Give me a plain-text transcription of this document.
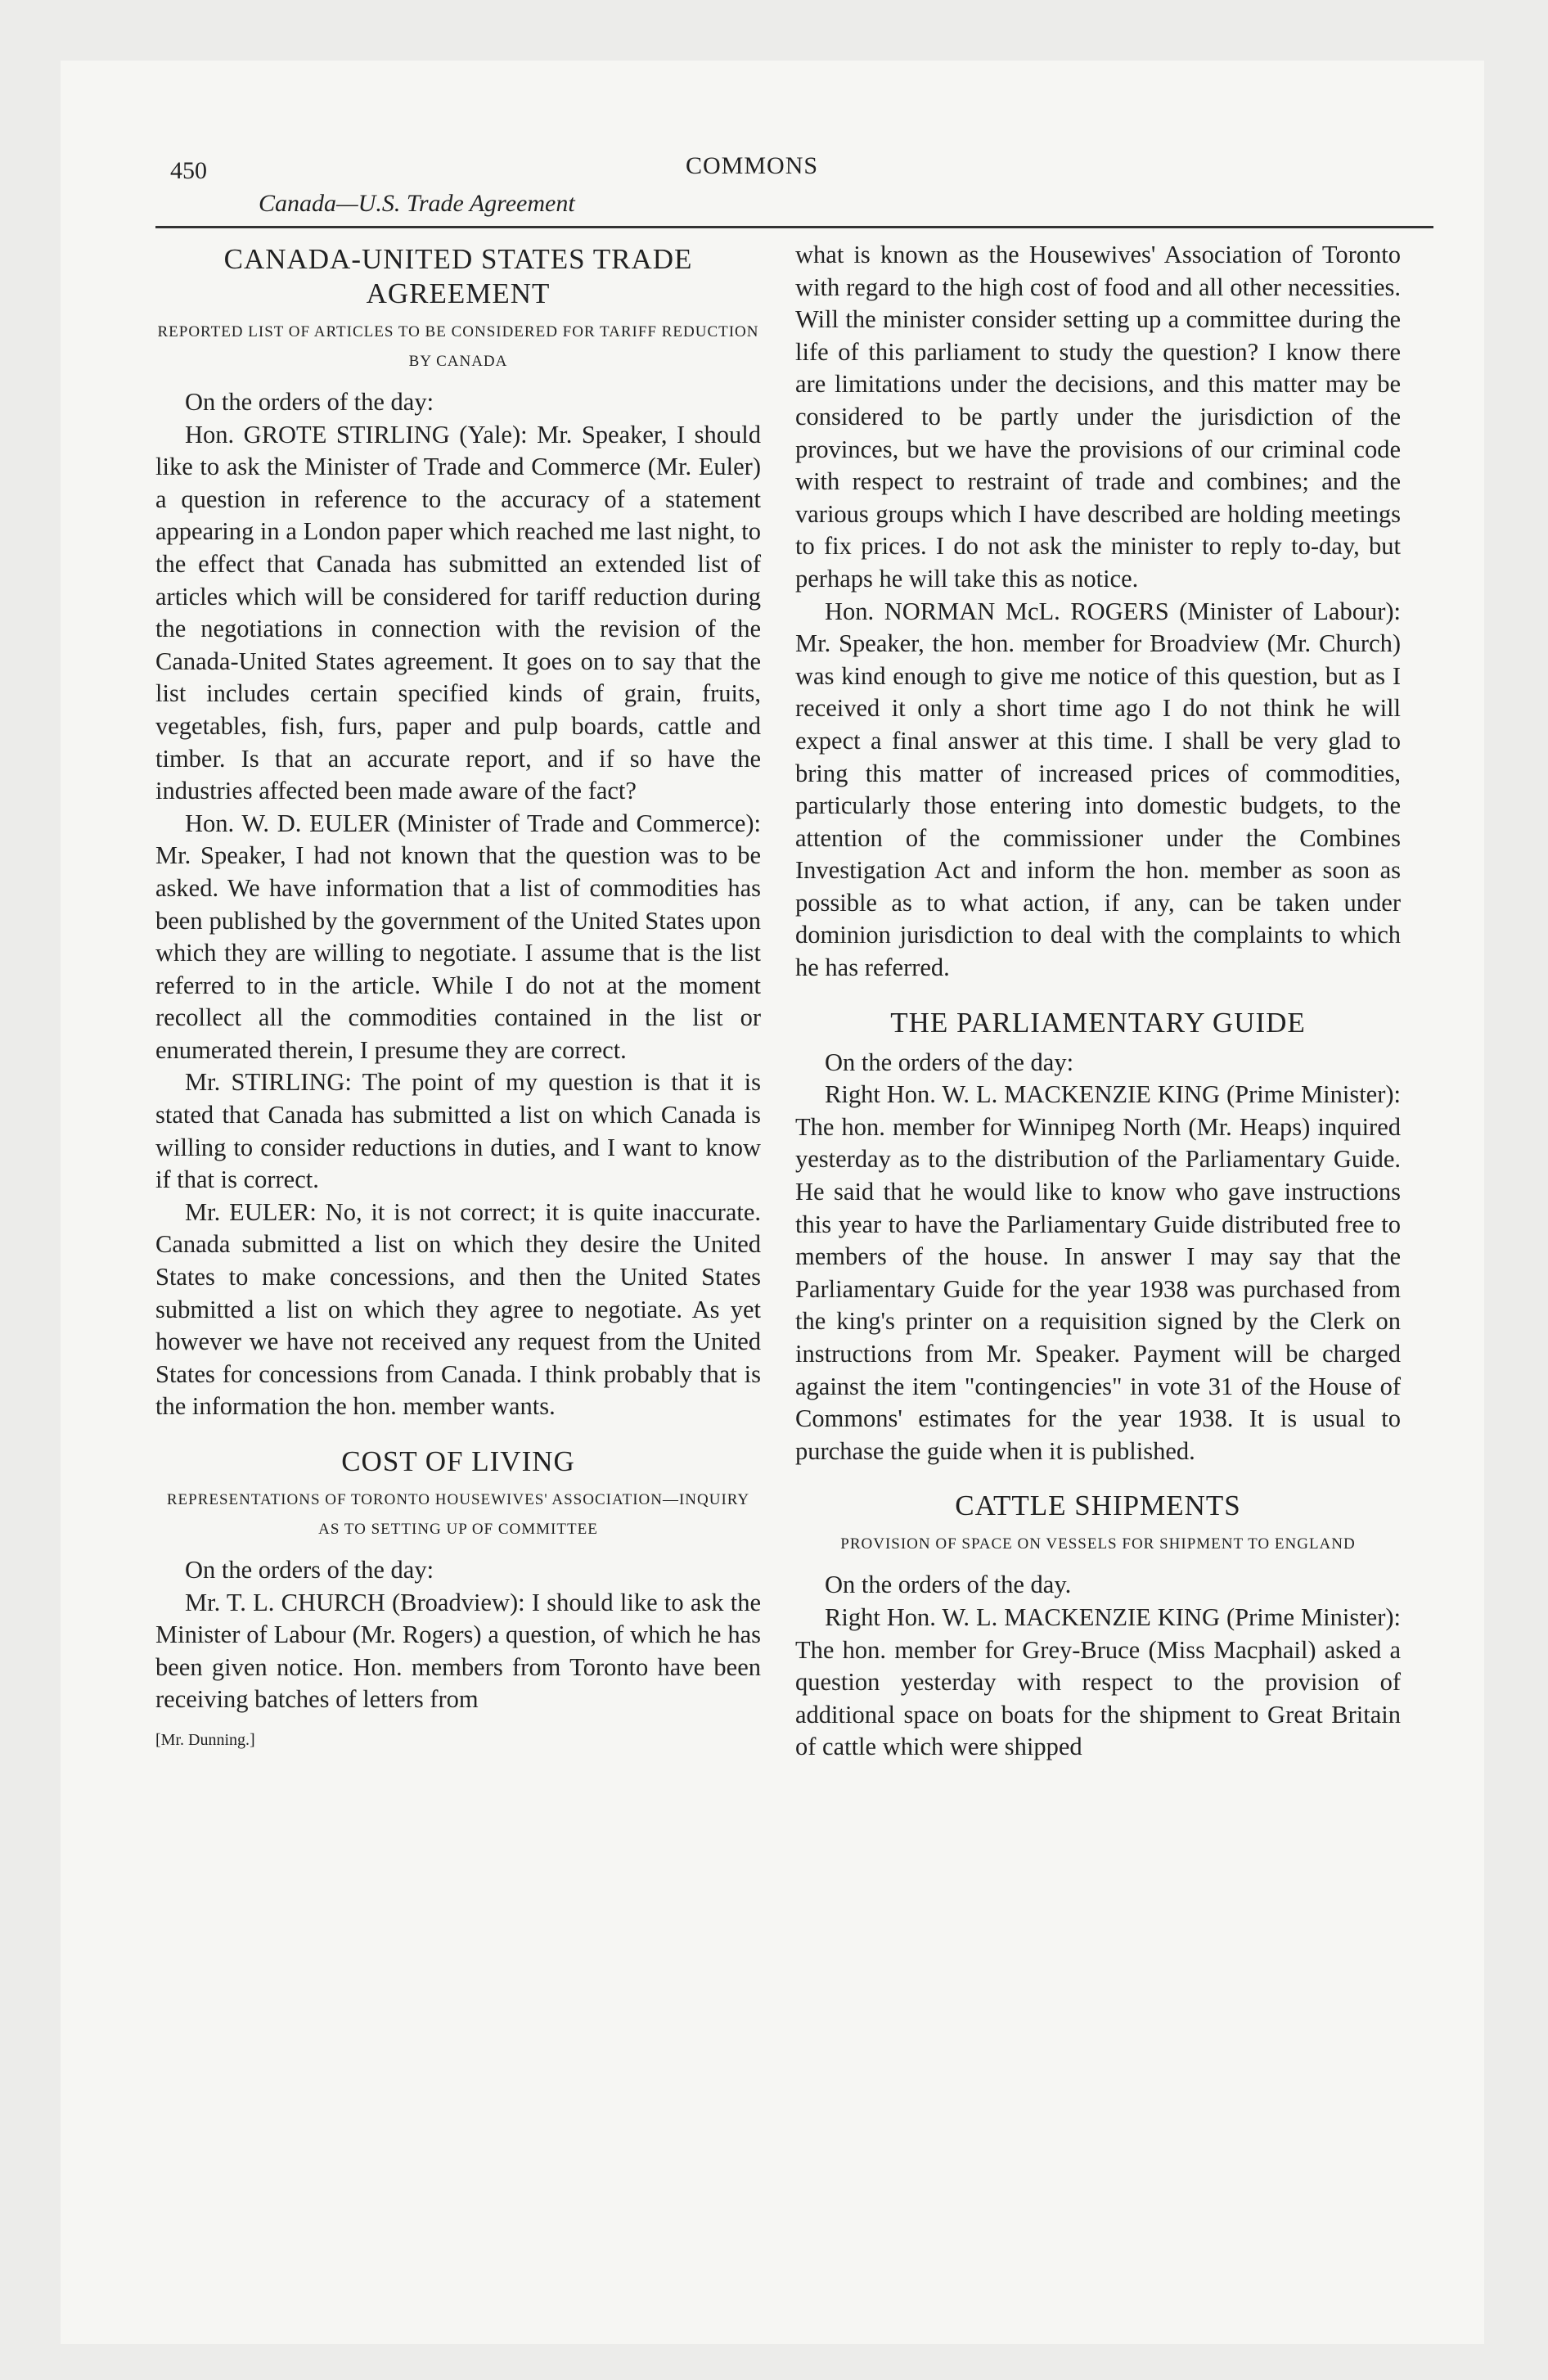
450
Canada—U.S. Trade Agreement
COMMONS
CANADA-UNITED STATES TRADE AGREEMENT
REPORTED LIST OF ARTICLES TO BE CONSIDERED FOR TARIFF REDUCTION BY CANADA

On the orders of the day:

Hon. GROTE STIRLING (Yale): Mr. Speaker, I should like to ask the Minister of Trade and Commerce (Mr. Euler) a question in reference to the accuracy of a statement appearing in a London paper which reached me last night, to the effect that Canada has submitted an extended list of articles which will be considered for tariff reduction during the negotiations in connection with the revision of the Canada-United States agreement. It goes on to say that the list includes certain specified kinds of grain, fruits, vegetables, fish, furs, paper and pulp boards, cattle and timber. Is that an accurate report, and if so have the industries affected been made aware of the fact?

Hon. W. D. EULER (Minister of Trade and Commerce): Mr. Speaker, I had not known that the question was to be asked. We have information that a list of commodities has been published by the government of the United States upon which they are willing to negotiate. I assume that is the list referred to in the article. While I do not at the moment recollect all the commodities contained in the list or enumerated therein, I presume they are correct.

Mr. STIRLING: The point of my question is that it is stated that Canada has submitted a list on which Canada is willing to consider reductions in duties, and I want to know if that is correct.

Mr. EULER: No, it is not correct; it is quite inaccurate. Canada submitted a list on which they desire the United States to make concessions, and then the United States submitted a list on which they agree to negotiate. As yet however we have not received any request from the United States for concessions from Canada. I think probably that is the information the hon. member wants.

COST OF LIVING
REPRESENTATIONS OF TORONTO HOUSEWIVES' ASSOCIATION—INQUIRY AS TO SETTING UP OF COMMITTEE

On the orders of the day:

Mr. T. L. CHURCH (Broadview): I should like to ask the Minister of Labour (Mr. Rogers) a question, of which he has been given notice. Hon. members from Toronto have been receiving batches of letters from

[Mr. Dunning.]

what is known as the Housewives' Association of Toronto with regard to the high cost of food and all other necessities. Will the minister consider setting up a committee during the life of this parliament to study the question? I know there are limitations under the decisions, and this matter may be considered to be partly under the jurisdiction of the provinces, but we have the provisions of our criminal code with respect to restraint of trade and combines; and the various groups which I have described are holding meetings to fix prices. I do not ask the minister to reply to-day, but perhaps he will take this as notice.

Hon. NORMAN McL. ROGERS (Minister of Labour): Mr. Speaker, the hon. member for Broadview (Mr. Church) was kind enough to give me notice of this question, but as I received it only a short time ago I do not think he will expect a final answer at this time. I shall be very glad to bring this matter of increased prices of commodities, particularly those entering into domestic budgets, to the attention of the commissioner under the Combines Investigation Act and inform the hon. member as soon as possible as to what action, if any, can be taken under dominion jurisdiction to deal with the complaints to which he has referred.

THE PARLIAMENTARY GUIDE

On the orders of the day:

Right Hon. W. L. MACKENZIE KING (Prime Minister): The hon. member for Winnipeg North (Mr. Heaps) inquired yesterday as to the distribution of the Parliamentary Guide. He said that he would like to know who gave instructions this year to have the Parliamentary Guide distributed free to members of the house. In answer I may say that the Parliamentary Guide for the year 1938 was purchased from the king's printer on a requisition signed by the Clerk on instructions from Mr. Speaker. Payment will be charged against the item "contingencies" in vote 31 of the House of Commons' estimates for the year 1938. It is usual to purchase the guide when it is published.

CATTLE SHIPMENTS
PROVISION OF SPACE ON VESSELS FOR SHIPMENT TO ENGLAND

On the orders of the day.

Right Hon. W. L. MACKENZIE KING (Prime Minister): The hon. member for Grey-Bruce (Miss Macphail) asked a question yesterday with respect to the provision of additional space on boats for the shipment to Great Britain of cattle which were shipped
